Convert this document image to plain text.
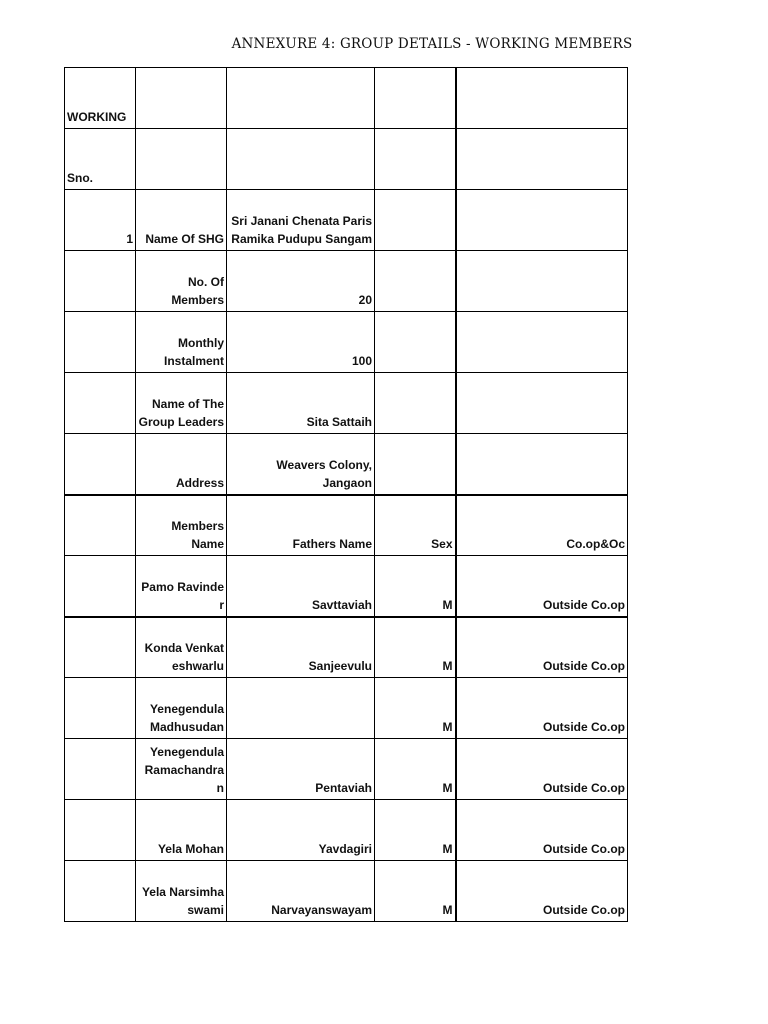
ANNEXURE 4: GROUP DETAILS - WORKING MEMBERS
WORKING				
Sno.				
1	Name Of SHG	Sri Janani Chenata Paris Ramika Pudupu Sangam		
	No. Of Members	20		
	Monthly Instalment	100		
	Name of The Group Leaders	Sita Sattaih		
	Address	Weavers Colony, Jangaon		
	Members Name	Fathers Name	Sex	Co.op&Oc
	Pamo Ravinder	Savttaviah	M	Outside Co.op
	Konda Venkateshwarlu	Sanjeevulu	M	Outside Co.op
	Yenegendula Madhusudan		M	Outside Co.op
	Yenegendula Ramachandran	Pentaviah	M	Outside Co.op
	Yela Mohan	Yavdagiri	M	Outside Co.op
	Yela Narsimhaswami	Narvayanswayam	M	Outside Co.op
